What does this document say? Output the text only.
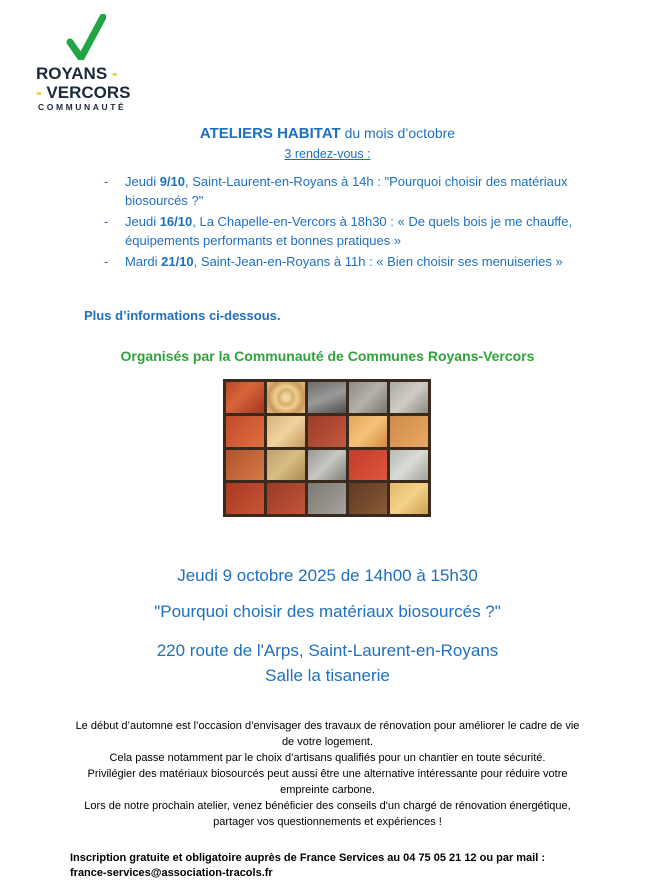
ROYANS -
- VERCORS
COMMUNAUTÉ
ATELIERS HABITAT du mois d’octobre
3 rendez-vous :
- Jeudi 9/10, Saint-Laurent-en-Royans à 14h : "Pourquoi choisir des matériaux biosourcés ?"
- Jeudi 16/10, La Chapelle-en-Vercors à 18h30 : « De quels bois je me chauffe, équipements performants et bonnes pratiques »
- Mardi 21/10, Saint-Jean-en-Royans à 11h : « Bien choisir ses menuiseries »
Plus d’informations ci-dessous.
Organisés par la Communauté de Communes Royans-Vercors
Jeudi 9 octobre 2025 de 14h00 à 15h30
"Pourquoi choisir des matériaux biosourcés ?"
220 route de l'Arps, Saint-Laurent-en-Royans
Salle la tisanerie

Le début d’automne est l’occasion d’envisager des travaux de rénovation pour améliorer le cadre de vie de votre logement.

Cela passe notamment par le choix d’artisans qualifiés pour un chantier en toute sécurité.

Privilégier des matériaux biosourcés peut aussi être une alternative intéressante pour réduire votre empreinte carbone.

Lors de notre prochain atelier, venez bénéficier des conseils d'un chargé de rénovation énergétique, partager vos questionnements et expériences !

Inscription gratuite et obligatoire auprès de France Services au 04 75 05 21 12 ou par mail :
france-services@association-tracols.fr
